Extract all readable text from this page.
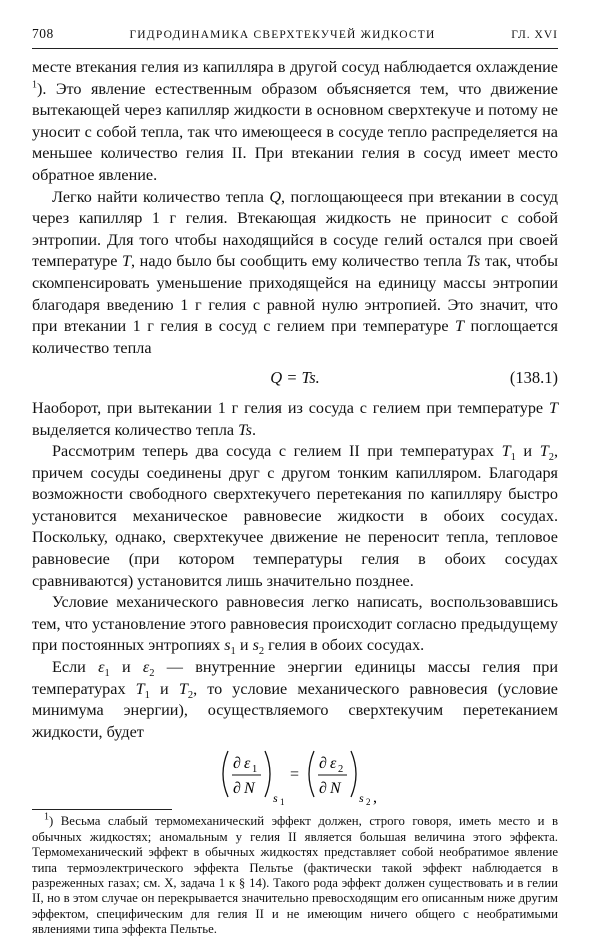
708	ГИДРОДИНАМИКА СВЕРХТЕКУЧЕЙ ЖИДКОСТИ	ГЛ. XVI

месте втекания гелия из капилляра в другой сосуд наблюдается охлаждение $^1$). Это явление естественным образом объясняется тем, что движение вытекающей через капилляр жидкости в основном сверхтекуче и потому не уносит с собой тепла, так что имеющееся в сосуде тепло распределяется на меньшее количество гелия II. При втекании гелия в сосуд имеет место обратное явление.

Легко найти количество тепла Q, поглощающееся при втекании в сосуд через капилляр 1 г гелия. Втекающая жидкость не приносит с собой энтропии. Для того чтобы находящийся в сосуде гелий остался при своей температуре T, надо было бы сообщить ему количество тепла Ts так, чтобы скомпенсировать уменьшение приходящейся на единицу массы энтропии благодаря введению 1 г гелия с равной нулю энтропией. Это значит, что при втекании 1 г гелия в сосуд с гелием при температуре T поглощается количество тепла

Q = Ts.	(138.1)

Наоборот, при вытекании 1 г гелия из сосуда с гелием при температуре T выделяется количество тепла Ts.

Рассмотрим теперь два сосуда с гелием II при температурах $T_1$ и $T_2$, причем сосуды соединены друг с другом тонким капилляром. Благодаря возможности свободного сверхтекучего перетекания по капилляру быстро установится механическое равновесие жидкости в обоих сосудах. Поскольку, однако, сверхтекучее движение не переносит тепла, тепловое равновесие (при котором температуры гелия в обоих сосудах сравниваются) установится лишь значительно позднее.

Условие механического равновесия легко написать, воспользовавшись тем, что установление этого равновесия происходит согласно предыдущему при постоянных энтропиях $s_1$ и $s_2$ гелия в обоих сосудах.

Если $\varepsilon_1$ и $\varepsilon_2$ — внутренние энергии единицы массы гелия при температурах $T_1$ и $T_2$, то условие механического равновесия (условие минимума энергии), осуществляемого сверхтекучим перетеканием жидкости, будет

∂ ε 1
∂ N
s 1
=
∂ ε 2
∂ N
s 2 ,

$^1$) Весьма слабый термомеханический эффект должен, строго говоря, иметь место и в обычных жидкостях; аномальным у гелия II является большая величина этого эффекта. Термомеханический эффект в обычных жидкостях представляет собой необратимое явление типа термоэлектрического эффекта Пельтье (фактически такой эффект наблюдается в разреженных газах; см. X, задача 1 к § 14). Такого рода эффект должен существовать и в гелии II, но в этом случае он перекрывается значительно превосходящим его описанным ниже другим эффектом, специфическим для гелия II и не имеющим ничего общего с необратимыми явлениями типа эффекта Пельтье.
